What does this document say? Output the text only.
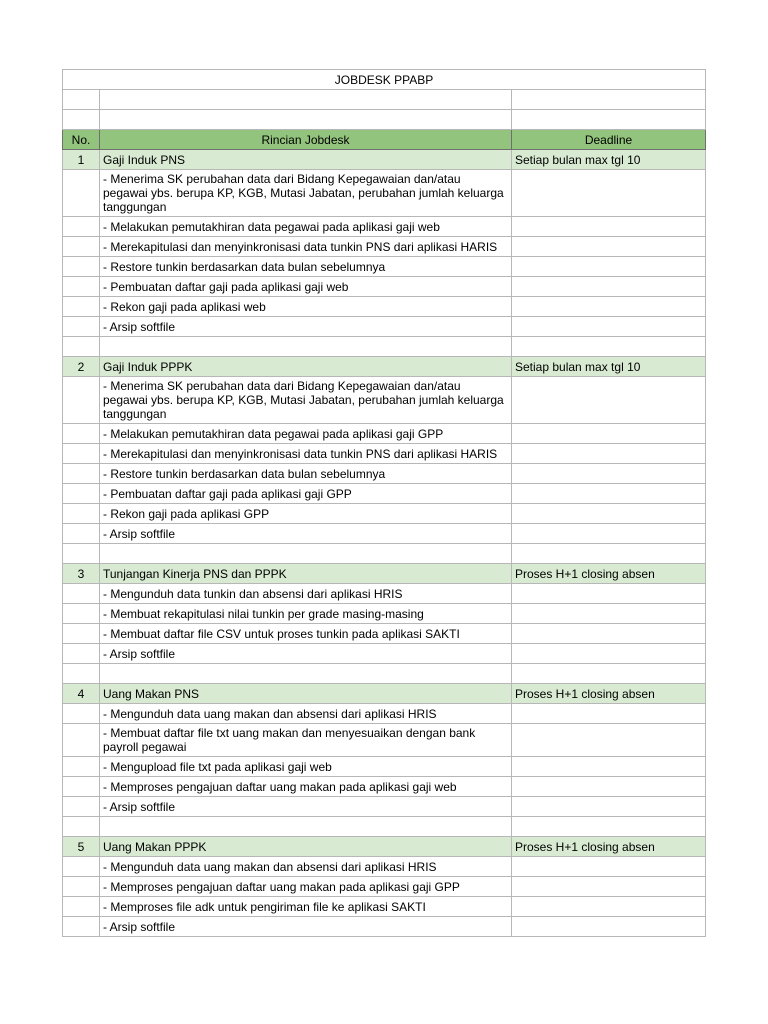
JOBDESK PPABP		

No.	Rincian Jobdesk	Deadline
1	Gaji Induk PNS	Setiap bulan max tgl 10
	- Menerima SK perubahan data dari Bidang Kepegawaian dan/atau pegawai ybs. berupa KP, KGB, Mutasi Jabatan, perubahan jumlah keluarga tanggungan	
	- Melakukan pemutakhiran data pegawai pada aplikasi gaji web	
	- Merekapitulasi dan menyinkronisasi data tunkin PNS dari aplikasi HARIS	
	- Restore tunkin berdasarkan data bulan sebelumnya	
	- Pembuatan daftar gaji pada aplikasi gaji web	
	- Rekon gaji pada aplikasi web	
	- Arsip softfile	

2	Gaji Induk PPPK	Setiap bulan max tgl 10
	- Menerima SK perubahan data dari Bidang Kepegawaian dan/atau pegawai ybs. berupa KP, KGB, Mutasi Jabatan, perubahan jumlah keluarga tanggungan	
	- Melakukan pemutakhiran data pegawai pada aplikasi gaji GPP	
	- Merekapitulasi dan menyinkronisasi data tunkin PNS dari aplikasi HARIS	
	- Restore tunkin berdasarkan data bulan sebelumnya	
	- Pembuatan daftar gaji pada aplikasi gaji GPP	
	- Rekon gaji pada aplikasi GPP	
	- Arsip softfile	

3	Tunjangan Kinerja PNS dan PPPK	Proses H+1 closing absen
	- Mengunduh data tunkin dan absensi dari aplikasi HRIS	
	- Membuat rekapitulasi nilai tunkin per grade masing-masing	
	- Membuat daftar file CSV untuk proses tunkin pada aplikasi SAKTI	
	- Arsip softfile	

4	Uang Makan PNS	Proses H+1 closing absen
	- Mengunduh data uang makan dan absensi dari aplikasi HRIS	
	- Membuat daftar file txt uang makan dan menyesuaikan dengan bank payroll pegawai	
	- Mengupload file txt pada aplikasi gaji web	
	- Memproses pengajuan daftar uang makan pada aplikasi gaji web	
	- Arsip softfile	

5	Uang Makan PPPK	Proses H+1 closing absen
	- Mengunduh data uang makan dan absensi dari aplikasi HRIS	
	- Memproses pengajuan daftar uang makan pada aplikasi gaji GPP	
	- Memproses file adk untuk pengiriman file ke aplikasi SAKTI	
	- Arsip softfile	
